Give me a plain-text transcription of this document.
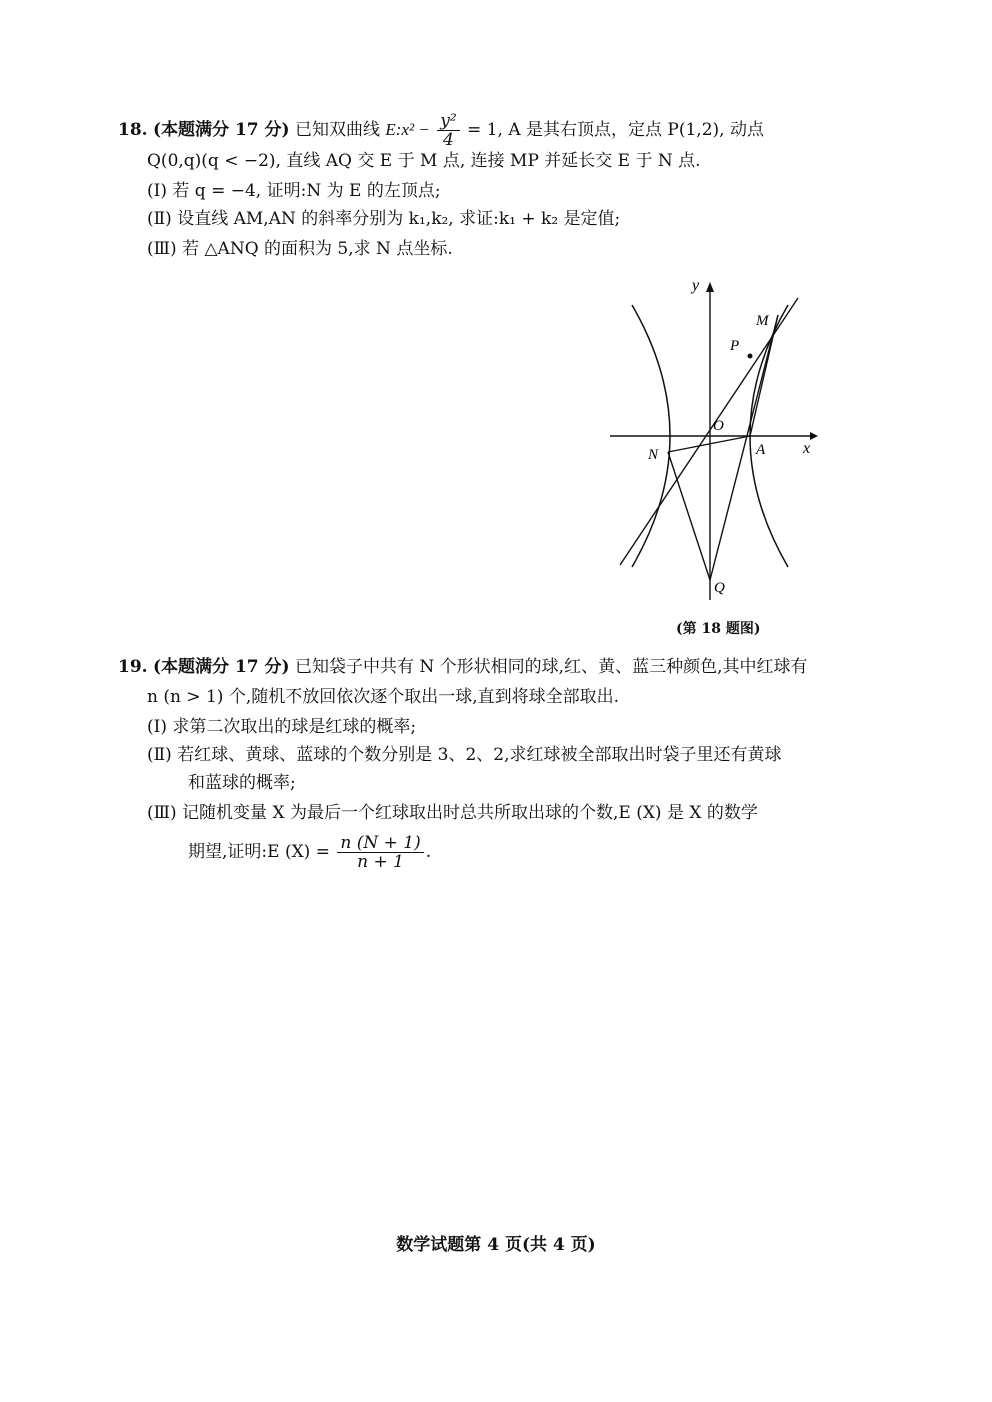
18. (本题满分 17 分) 已知双曲线 E:x² − $\frac{\text{y²}}{4} = 1$, A 是其右顶点，定点 P(1,2), 动点
Q(0,q)(q < −2), 直线 AQ 交 E 于 M 点, 连接 MP 并延长交 E 于 N 点.
(Ⅰ) 若 q = −4, 证明:N 为 E 的左顶点;
(Ⅱ) 设直线 AM,AN 的斜率分别为 k₁,k₂, 求证:k₁ + k₂ 是定值;
(Ⅲ) 若 △ANQ 的面积为 5,求 N 点坐标.
x
y
O
A
N
M
P
Q
(第 18 题图)
19. (本题满分 17 分) 已知袋子中共有 N 个形状相同的球,红、黄、蓝三种颜色,其中红球有
n (n > 1) 个,随机不放回依次逐个取出一球,直到将球全部取出.
(Ⅰ) 求第二次取出的球是红球的概率;
(Ⅱ) 若红球、黄球、蓝球的个数分别是 3、2、2,求红球被全部取出时袋子里还有黄球
和蓝球的概率;
(Ⅲ) 记随机变量 X 为最后一个红球取出时总共所取出球的个数,E (X) 是 X 的数学
期望,证明:E $(X) = \frac{n (N + 1)}{n + 1}$ .
数学试题第 4 页(共 4 页)
